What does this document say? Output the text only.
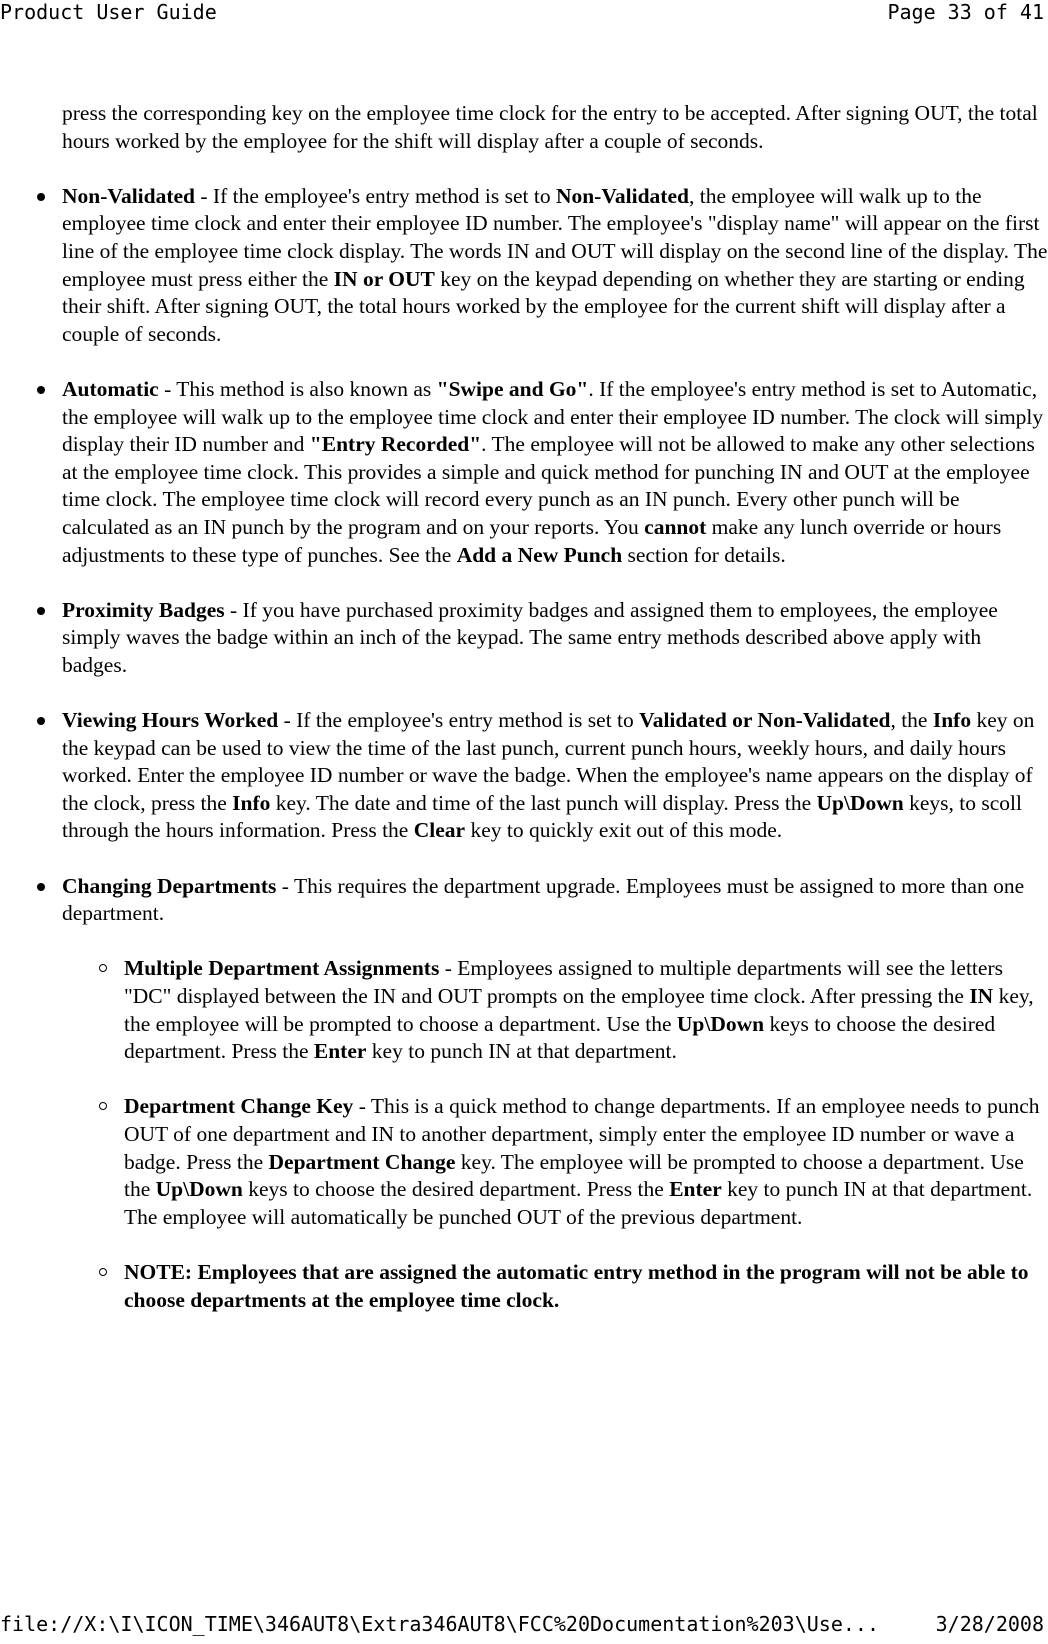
Product User Guide	Page 33 of 41

press the corresponding key on the employee time clock for the entry to be accepted. After signing OUT, the total hours worked by the employee for the shift will display after a couple of seconds.

Non-Validated - If the employee's entry method is set to Non-Validated, the employee will walk up to the employee time clock and enter their employee ID number. The employee's "display name" will appear on the first line of the employee time clock display. The words IN and OUT will display on the second line of the display. The employee must press either the IN or OUT key on the keypad depending on whether they are starting or ending their shift. After signing OUT, the total hours worked by the employee for the current shift will display after a couple of seconds.
Automatic - This method is also known as "Swipe and Go". If the employee's entry method is set to Automatic, the employee will walk up to the employee time clock and enter their employee ID number. The clock will simply display their ID number and "Entry Recorded". The employee will not be allowed to make any other selections at the employee time clock. This provides a simple and quick method for punching IN and OUT at the employee time clock. The employee time clock will record every punch as an IN punch. Every other punch will be calculated as an IN punch by the program and on your reports. You cannot make any lunch override or hours adjustments to these type of punches. See the Add a New Punch section for details.
Proximity Badges - If you have purchased proximity badges and assigned them to employees, the employee simply waves the badge within an inch of the keypad. The same entry methods described above apply with badges.
Viewing Hours Worked - If the employee's entry method is set to Validated or Non-Validated, the Info key on the keypad can be used to view the time of the last punch, current punch hours, weekly hours, and daily hours worked. Enter the employee ID number or wave the badge. When the employee's name appears on the display of the clock, press the Info key. The date and time of the last punch will display. Press the Up\Down keys, to scoll through the hours information. Press the Clear key to quickly exit out of this mode.
Changing Departments - This requires the department upgrade. Employees must be assigned to more than one department.
Multiple Department Assignments - Employees assigned to multiple departments will see the letters "DC" displayed between the IN and OUT prompts on the employee time clock. After pressing the IN key, the employee will be prompted to choose a department. Use the Up\Down keys to choose the desired department. Press the Enter key to punch IN at that department.
Department Change Key - This is a quick method to change departments. If an employee needs to punch OUT of one department and IN to another department, simply enter the employee ID number or wave a badge. Press the Department Change key. The employee will be prompted to choose a department. Use the Up\Down keys to choose the desired department. Press the Enter key to punch IN at that department. The employee will automatically be punched OUT of the previous department.
NOTE: Employees that are assigned the automatic entry method in the program will not be able to choose departments at the employee time clock.
file://X:\I\ICON_TIME\346AUT8\Extra346AUT8\FCC%20Documentation%203\Use...	3/28/2008
